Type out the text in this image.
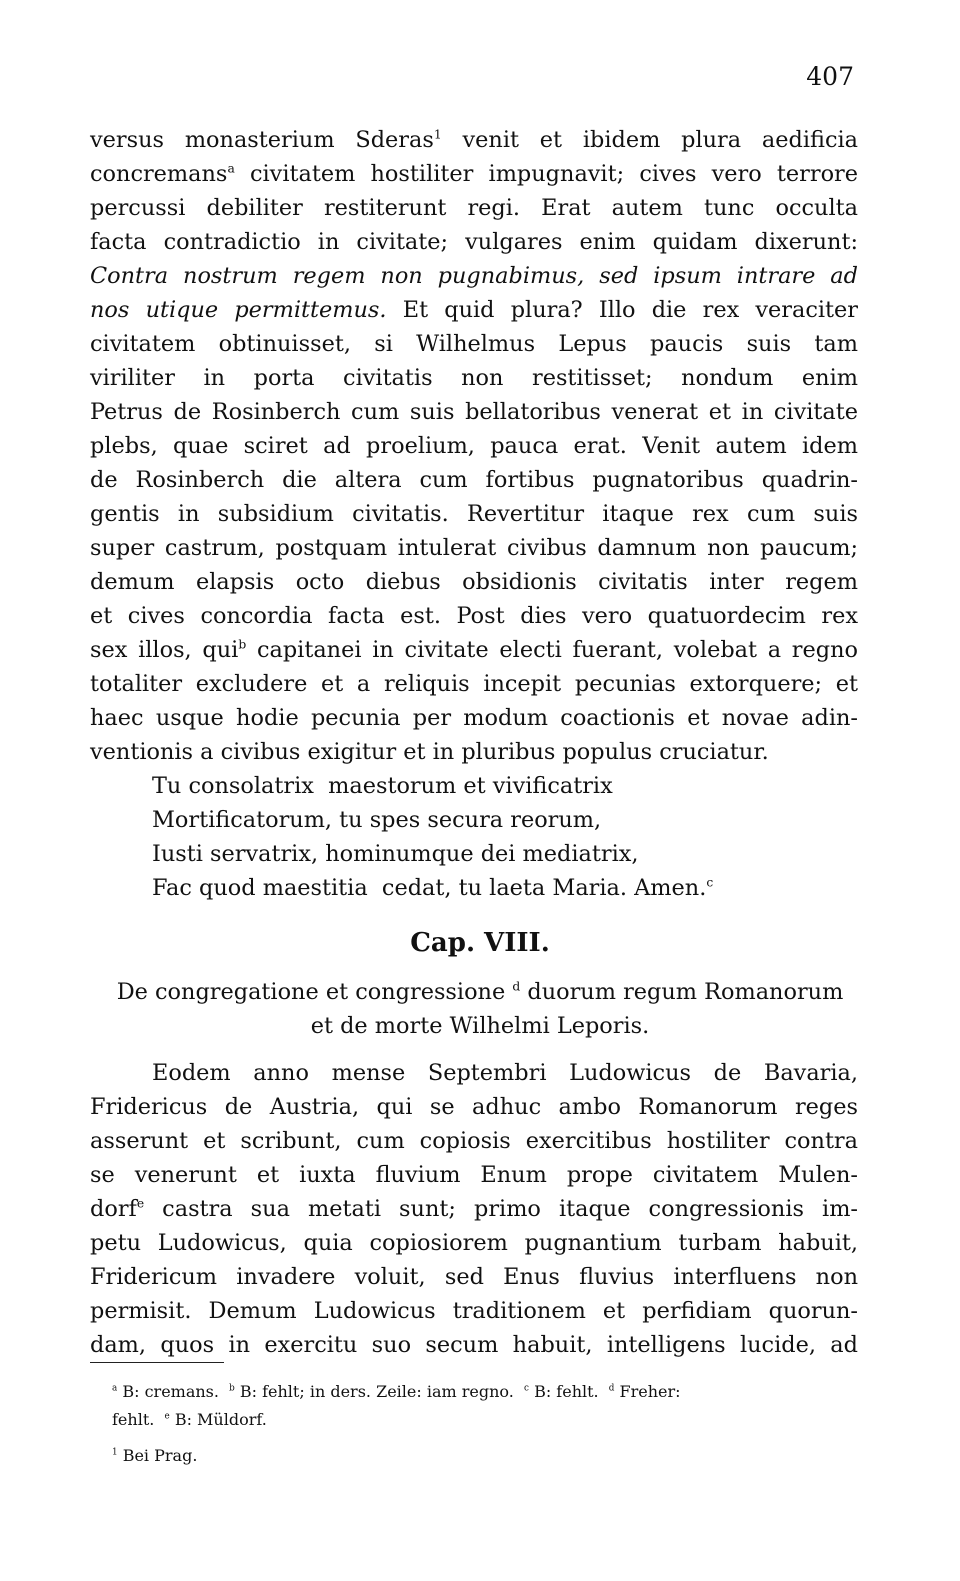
407
versus monasterium Sderas$^1$ venit et ibidem plura aedificia
concremans$^a$ civitatem hostiliter impugnavit; cives vero terrore
percussi debiliter restiterunt regi. Erat autem tunc occulta
facta contradictio in civitate; vulgares enim quidam dixerunt:
Contra nostrum regem non pugnabimus, sed ipsum intrare ad
nos utique permittemus. Et quid plura? Illo die rex veraciter
civitatem obtinuisset, si Wilhelmus Lepus paucis suis tam
viriliter in porta civitatis non restitisset; nondum enim
Petrus de Rosinberch cum suis bellatoribus venerat et in civitate
plebs, quae sciret ad proelium, pauca erat. Venit autem idem
de Rosinberch die altera cum fortibus pugnatoribus quadrin-
gentis in subsidium civitatis. Revertitur itaque rex cum suis
super castrum, postquam intulerat civibus damnum non paucum;
demum elapsis octo diebus obsidionis civitatis inter regem
et cives concordia facta est. Post dies vero quatuordecim rex
sex illos, qui$^b$ capitanei in civitate electi fuerant, volebat a regno
totaliter excludere et a reliquis incepit pecunias extorquere; et
haec usque hodie pecunia per modum coactionis et novae adin-
ventionis a civibus exigitur et in pluribus populus cruciatur.
Tu consolatrix  maestorum et vivificatrix
Mortificatorum, tu spes secura reorum,
Iusti servatrix, hominumque dei mediatrix,
Fac quod maestitia  cedat, tu laeta Maria. Amen.$^c$
Cap. VIII.
De congregatione et congressione $^d$ duorum regum Romanorum
et de morte Wilhelmi Leporis.
Eodem anno mense Septembri Ludowicus de Bavaria,
Fridericus de Austria, qui se adhuc ambo Romanorum reges
asserunt et scribunt, cum copiosis exercitibus hostiliter contra
se venerunt et iuxta fluvium Enum prope civitatem Mulen-
dorf$^e$ castra sua metati sunt; primo itaque congressionis im-
petu Ludowicus, quia copiosiorem pugnantium turbam habuit,
Fridericum invadere voluit, sed Enus fluvius interfluens non
permisit. Demum Ludowicus traditionem et perfidiam quorun-
dam, quos in exercitu suo secum habuit, intelligens lucide, ad
$^a$ B: cremans. $^b$ B: fehlt; in ders. Zeile: iam regno. $^c$ B: fehlt. $^d$ Freher:
fehlt. $^e$ B: Müldorf.
$^1$ Bei Prag.
